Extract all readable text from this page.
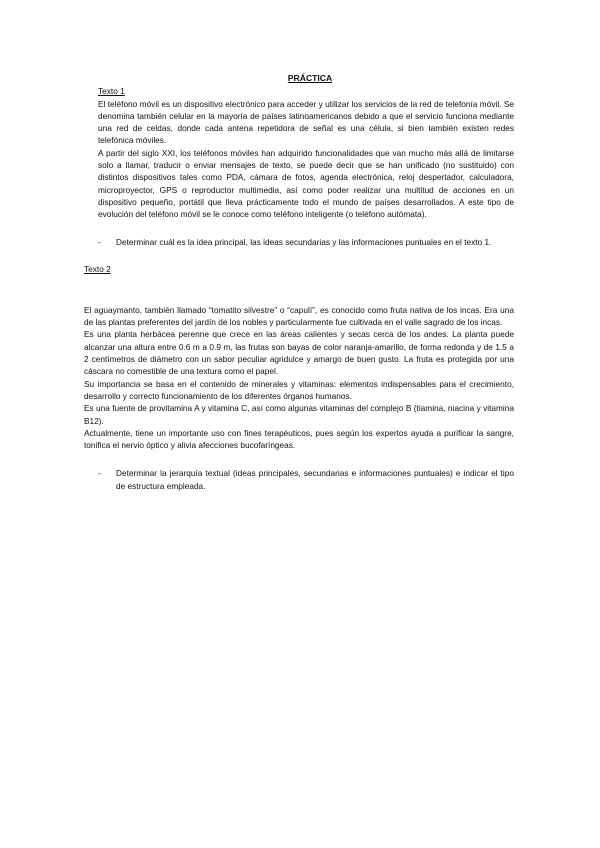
PRÁCTICA
Texto 1

El teléfono móvil es un dispositivo electrónico para acceder y utilizar los servicios de la red de telefonía móvil. Se denomina también celular en la mayoría de países latinoamericanos debido a que el servicio funciona mediante una red de celdas, donde cada antena repetidora de señal es una célula, si bien también existen redes telefónica móviles.

A partir del siglo XXI, los teléfonos móviles han adquirido funcionalidades que van mucho más allá de limitarse solo a llamar, traducir o enviar mensajes de texto, se puede decir que se han unificado (no sustituido) con distintos dispositivos tales como PDA, cámara de fotos, agenda electrónica, reloj despertador, calculadora, microproyector, GPS o reproductor multimedia, así como poder realizar una multitud de acciones en un dispositivo pequeño, portátil que lleva prácticamente todo el mundo de países desarrollados. A este tipo de evolución del teléfono móvil se le conoce como teléfono inteligente (o teléfono autómata).

-	Determinar cuál es la idea principal, las ideas secundarias y las informaciones puntuales en el texto 1.
Texto 2

El aguaymanto, también llamado “tomatito silvestre” o “capulí”, es conocido como fruta nativa de los incas. Era una de las plantas preferentes del jardín de los nobles y particularmente fue cultivada en el valle sagrado de los incas.

Es una planta herbácea perenne que crece en las áreas calientes y secas cerca de los andes. La planta puede alcanzar una altura entre 0.6 m a 0.9 m, las frutas son bayas de color naranja-amarillo, de forma redonda y de 1.5 a 2 centímetros de diámetro con un sabor peculiar agridulce y amargo de buen gusto. La fruta es protegida por una cáscara no comestible de una textura como el papel.

Su importancia se basa en el contenido de minerales y vitaminas: elementos indispensables para el crecimiento, desarrollo y correcto funcionamiento de los diferentes órganos humanos.

Es una fuente de provitamina A y vitamina C, así como algunas vitaminas del complejo B (tiamina, niacina y vitamina B12).

Actualmente, tiene un importante uso con fines terapéuticos, pues según los expertos ayuda a purificar la sangre, tonifica el nervio óptico y alivia afecciones bucofaríngeas.

-	Determinar la jerarquía textual (ideas principales, secundarias e informaciones puntuales) e indicar el tipo de estructura empleada.
